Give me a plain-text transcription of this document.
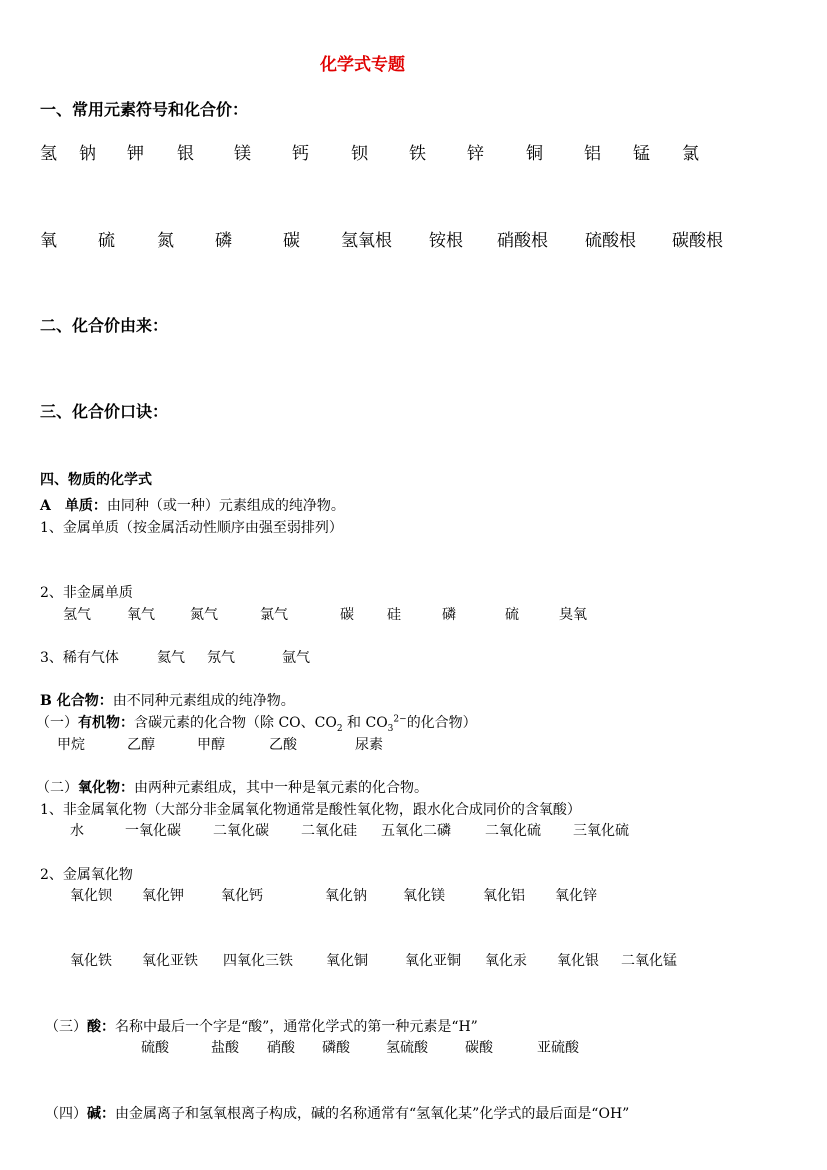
化学式专题
一、常用元素符号和化合价：
氢 钠 钾 银 镁 钙 钡 铁 锌 铜 铝 锰 氯
氧 硫 氮 磷	碳 氢氧根 铵根 硝酸根 硫酸根 碳酸根
二、化合价由来：
三、化合价口诀：
四、物质的化学式
A　单质：由同种（或一种）元素组成的纯净物。
1、金属单质（按金属活动性顺序由强至弱排列）
2、非金属单质
氢气	氧气	氮气	氯气	碳 硅	磷	硫	臭氧
3、稀有气体	氦气 氖气	氩气
B 化合物：由不同种元素组成的纯净物。
（一）有机物：含碳元素的化合物（除 CO、$CO_2$ 和 $CO_3^{2-}$的化合物）
甲烷	乙醇	甲醇	乙酸	尿素
（二）氧化物：由两种元素组成，其中一种是氧元素的化合物。
1、非金属氧化物（大部分非金属氧化物通常是酸性氧化物，跟水化合成同价的含氧酸）
水	一氧化碳 二氧化碳 二氧化硅 五氧化二磷 二氧化硫 三氧化硫
2、金属氧化物
氧化钡 氧化钾	氧化钙	氧化钠	氧化镁	氧化铝 氧化锌
氧化铁 氧化亚铁 四氧化三铁 氧化铜	氧化亚铜 氧化汞 氧化银 二氧化锰
（三）酸：名称中最后一个字是“酸”，通常化学式的第一种元素是“H”
硫酸	盐酸 硝酸 磷酸	氢硫酸	碳酸	亚硫酸
（四）碱：由金属离子和氢氧根离子构成，碱的名称通常有“氢氧化某”化学式的最后面是“OH”
